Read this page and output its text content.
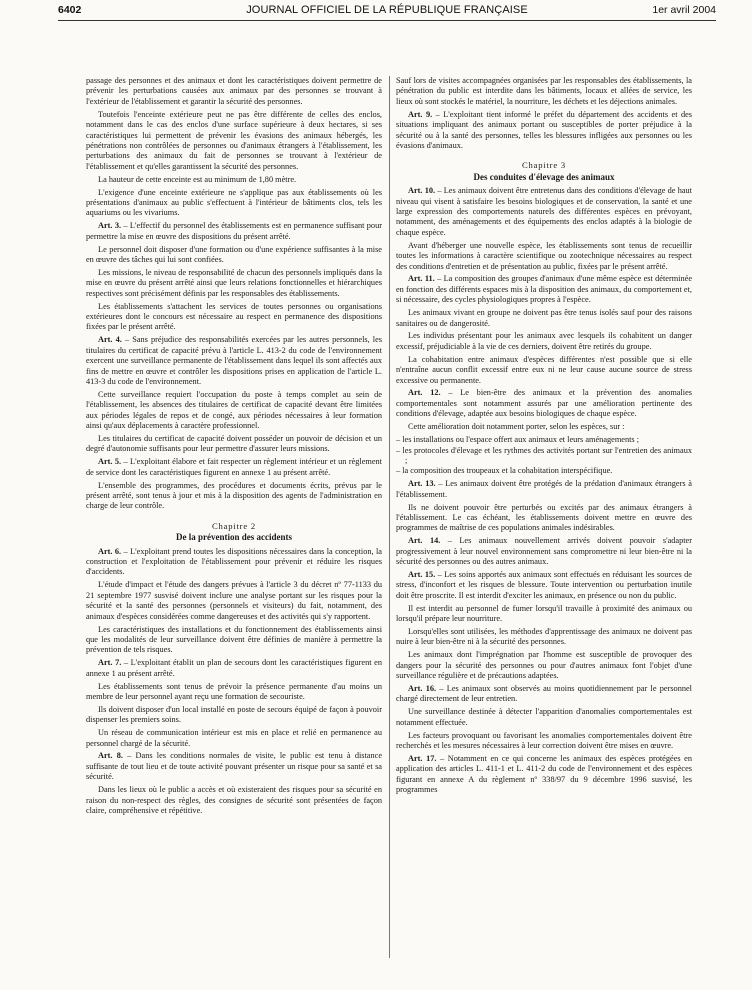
6402	JOURNAL OFFICIEL DE LA RÉPUBLIQUE FRANÇAISE	1er avril 2004

passage des personnes et des animaux et dont les caractéristiques doivent permettre de prévenir les perturbations causées aux animaux par des personnes se trouvant à l'extérieur de l'établissement et garantir la sécurité des personnes.

Toutefois l'enceinte extérieure peut ne pas être différente de celles des enclos, notamment dans le cas des enclos d'une surface supérieure à deux hectares, si ses caractéristiques lui permettent de prévenir les évasions des animaux hébergés, les pénétrations non contrôlées de personnes ou d'animaux étrangers à l'établissement, les perturbations des animaux du fait de personnes se trouvant à l'extérieur de l'établissement et qu'elles garantissent la sécurité des personnes.

La hauteur de cette enceinte est au minimum de 1,80 mètre.

L'exigence d'une enceinte extérieure ne s'applique pas aux établissements où les présentations d'animaux au public s'effectuent à l'intérieur de bâtiments clos, tels les aquariums ou les vivariums.

Art. 3. – L'effectif du personnel des établissements est en permanence suffisant pour permettre la mise en œuvre des dispositions du présent arrêté.

Le personnel doit disposer d'une formation ou d'une expérience suffisantes à la mise en œuvre des tâches qui lui sont confiées.

Les missions, le niveau de responsabilité de chacun des personnels impliqués dans la mise en œuvre du présent arrêté ainsi que leurs relations fonctionnelles et hiérarchiques respectives sont précisément définis par les responsables des établissements.

Les établissements s'attachent les services de toutes personnes ou organisations extérieures dont le concours est nécessaire au respect en permanence des dispositions fixées par le présent arrêté.

Art. 4. – Sans préjudice des responsabilités exercées par les autres personnels, les titulaires du certificat de capacité prévu à l'article L. 413-2 du code de l'environnement exercent une surveillance permanente de l'établissement dans lequel ils sont affectés aux fins de mettre en œuvre et contrôler les dispositions prises en application de l'article L. 413-3 du code de l'environnement.

Cette surveillance requiert l'occupation du poste à temps complet au sein de l'établissement, les absences des titulaires de certificat de capacité devant être limitées aux périodes légales de repos et de congé, aux périodes nécessaires à leur formation ainsi qu'aux déplacements à caractère professionnel.

Les titulaires du certificat de capacité doivent posséder un pouvoir de décision et un degré d'autonomie suffisants pour leur permettre d'assurer leurs missions.

Art. 5. – L'exploitant élabore et fait respecter un règlement intérieur et un règlement de service dont les caractéristiques figurent en annexe 1 au présent arrêté.

L'ensemble des programmes, des procédures et documents écrits, prévus par le présent arrêté, sont tenus à jour et mis à la disposition des agents de l'administration en charge de leur contrôle.

Chapitre 2
De la prévention des accidents

Art. 6. – L'exploitant prend toutes les dispositions nécessaires dans la conception, la construction et l'exploitation de l'établissement pour prévenir et réduire les risques d'accidents.

L'étude d'impact et l'étude des dangers prévues à l'article 3 du décret nº 77-1133 du 21 septembre 1977 susvisé doivent inclure une analyse portant sur les risques pour la sécurité et la santé des personnes (personnels et visiteurs) du fait, notamment, des animaux d'espèces considérées comme dangereuses et des activités qui s'y rapportent.

Les caractéristiques des installations et du fonctionnement des établissements ainsi que les modalités de leur surveillance doivent être définies de manière à permettre la prévention de tels risques.

Art. 7. – L'exploitant établit un plan de secours dont les caractéristiques figurent en annexe 1 au présent arrêté.

Les établissements sont tenus de prévoir la présence permanente d'au moins un membre de leur personnel ayant reçu une formation de secouriste.

Ils doivent disposer d'un local installé en poste de secours équipé de façon à pouvoir dispenser les premiers soins.

Un réseau de communication intérieur est mis en place et relié en permanence au personnel chargé de la sécurité.

Art. 8. – Dans les conditions normales de visite, le public est tenu à distance suffisante de tout lieu et de toute activité pouvant présenter un risque pour sa santé et sa sécurité.

Dans les lieux où le public a accès et où existeraient des risques pour sa sécurité en raison du non-respect des règles, des consignes de sécurité sont présentées de façon claire, compréhensive et répétitive.

Sauf lors de visites accompagnées organisées par les responsables des établissements, la pénétration du public est interdite dans les bâtiments, locaux et allées de service, les lieux où sont stockés le matériel, la nourriture, les déchets et les déjections animales.

Art. 9. – L'exploitant tient informé le préfet du département des accidents et des situations impliquant des animaux portant ou susceptibles de porter préjudice à la sécurité ou à la santé des personnes, telles les blessures infligées aux personnes ou les évasions d'animaux.

Chapitre 3
Des conduites d'élevage des animaux

Art. 10. – Les animaux doivent être entretenus dans des conditions d'élevage de haut niveau qui visent à satisfaire les besoins biologiques et de conservation, la santé et une large expression des comportements naturels des différentes espèces en prévoyant, notamment, des aménagements et des équipements des enclos adaptés à la biologie de chaque espèce.

Avant d'héberger une nouvelle espèce, les établissements sont tenus de recueillir toutes les informations à caractère scientifique ou zootechnique nécessaires au respect des conditions d'entretien et de présentation au public, fixées par le présent arrêté.

Art. 11. – La composition des groupes d'animaux d'une même espèce est déterminée en fonction des différents espaces mis à la disposition des animaux, du comportement et, si nécessaire, des cycles physiologiques propres à l'espèce.

Les animaux vivant en groupe ne doivent pas être tenus isolés sauf pour des raisons sanitaires ou de dangerosité.

Les individus présentant pour les animaux avec lesquels ils cohabitent un danger excessif, préjudiciable à la vie de ces derniers, doivent être retirés du groupe.

La cohabitation entre animaux d'espèces différentes n'est possible que si elle n'entraîne aucun conflit excessif entre eux ni ne leur cause aucune source de stress excessive ou permanente.

Art. 12. – Le bien-être des animaux et la prévention des anomalies comportementales sont notamment assurés par une amélioration pertinente des conditions d'élevage, adaptée aux besoins biologiques de chaque espèce.

Cette amélioration doit notamment porter, selon les espèces, sur :

– les installations ou l'espace offert aux animaux et leurs aménagements ;
– les protocoles d'élevage et les rythmes des activités portant sur l'entretien des animaux ;
– la composition des troupeaux et la cohabitation interspécifique.

Art. 13. – Les animaux doivent être protégés de la prédation d'animaux étrangers à l'établissement.

Ils ne doivent pouvoir être perturbés ou excités par des animaux étrangers à l'établissement. Le cas échéant, les établissements doivent mettre en œuvre des programmes de maîtrise de ces populations animales indésirables.

Art. 14. – Les animaux nouvellement arrivés doivent pouvoir s'adapter progressivement à leur nouvel environnement sans compromettre ni leur bien-être ni la sécurité des personnes ou des autres animaux.

Art. 15. – Les soins apportés aux animaux sont effectués en réduisant les sources de stress, d'inconfort et les risques de blessure. Toute intervention ou perturbation inutile doit être proscrite. Il est interdit d'exciter les animaux, en présence ou non du public.

Il est interdit au personnel de fumer lorsqu'il travaille à proximité des animaux ou lorsqu'il prépare leur nourriture.

Lorsqu'elles sont utilisées, les méthodes d'apprentissage des animaux ne doivent pas nuire à leur bien-être ni à la sécurité des personnes.

Les animaux dont l'imprégnation par l'homme est susceptible de provoquer des dangers pour la sécurité des personnes ou pour d'autres animaux font l'objet d'une surveillance régulière et de précautions adaptées.

Art. 16. – Les animaux sont observés au moins quotidiennement par le personnel chargé directement de leur entretien.

Une surveillance destinée à détecter l'apparition d'anomalies comportementales est notamment effectuée.

Les facteurs provoquant ou favorisant les anomalies comportementales doivent être recherchés et les mesures nécessaires à leur correction doivent être mises en œuvre.

Art. 17. – Notamment en ce qui concerne les animaux des espèces protégées en application des articles L. 411-1 et L. 411-2 du code de l'environnement et des espèces figurant en annexe A du règlement nº 338/97 du 9 décembre 1996 susvisé, les programmes
